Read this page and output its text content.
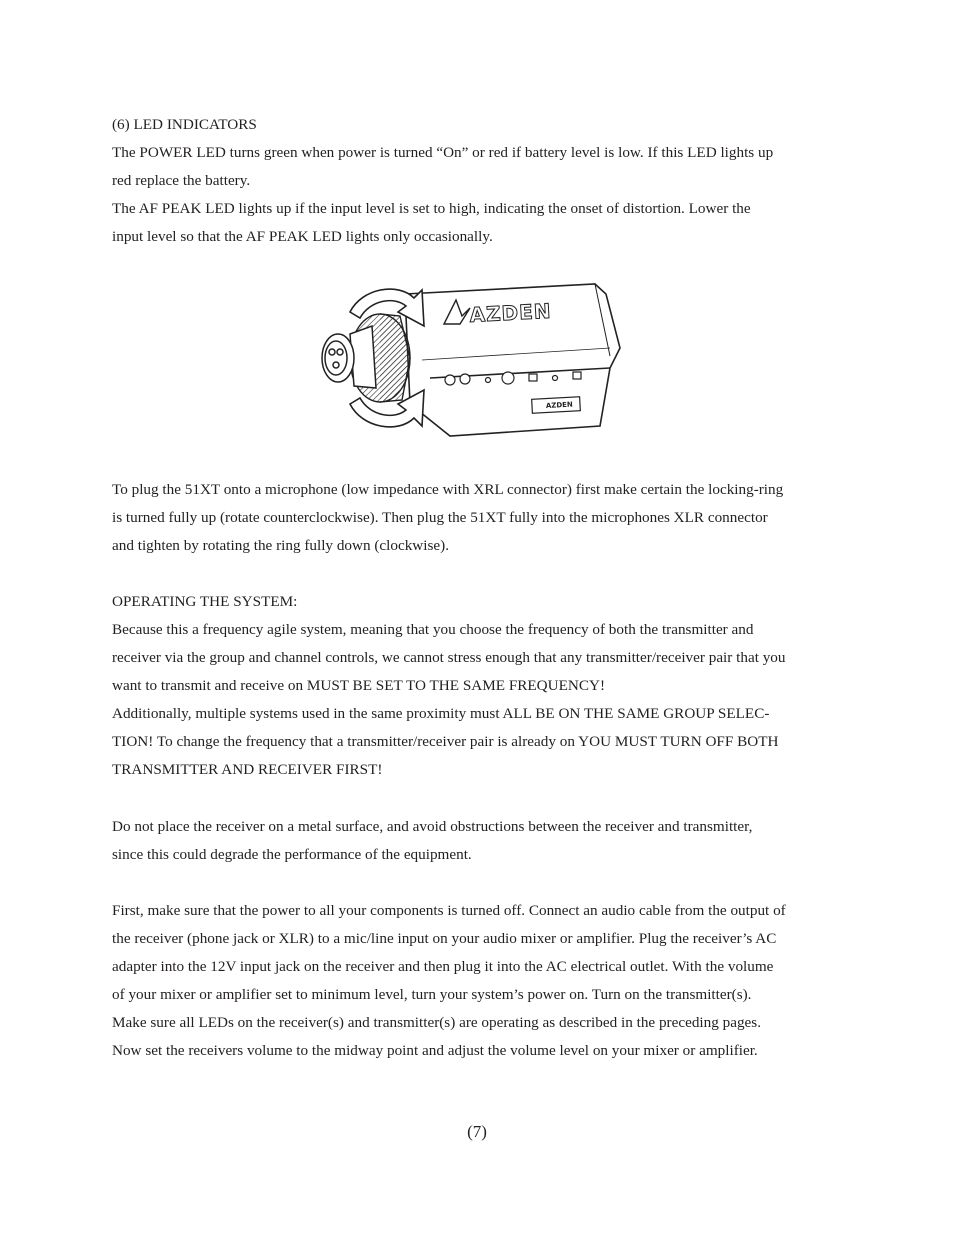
(6) LED INDICATORS
The POWER LED turns green when power is turned “On” or red if battery level is low. If this LED lights up
red replace the battery.
The AF PEAK LED lights up if the input level is set to high, indicating the onset of distortion. Lower the
input level so that the AF PEAK LED lights only occasionally.
AZDEN
AZDEN
To plug the 51XT onto a microphone (low impedance with XRL connector) first make certain the locking-ring
is turned fully up (rotate counterclockwise). Then plug the 51XT fully into the microphones XLR connector
and tighten by rotating the ring fully down (clockwise).
OPERATING THE SYSTEM:
Because this a frequency agile system, meaning that you choose the frequency of both the transmitter and
receiver via the group and channel controls, we cannot stress enough that any transmitter/receiver pair that you
want to transmit and receive on MUST BE SET TO THE SAME FREQUENCY!
Additionally, multiple systems used in the same proximity must ALL BE ON THE SAME GROUP SELEC-
TION! To change the frequency that a transmitter/receiver pair is already on YOU MUST TURN OFF BOTH
TRANSMITTER AND RECEIVER FIRST!
Do not place the receiver on a metal surface, and avoid obstructions between the receiver and transmitter,
since this could degrade the performance of the equipment.
First, make sure that the power to all your components is turned off. Connect an audio cable from the output of
the receiver (phone jack or XLR) to a mic/line input on your audio mixer or amplifier. Plug the receiver’s AC
adapter into the 12V input jack on the receiver and then plug it into the AC electrical outlet. With the volume
of your mixer or amplifier set to minimum level, turn your system’s power on. Turn on the transmitter(s).
Make sure all LEDs on the receiver(s) and transmitter(s) are operating as described in the preceding pages.
Now set the receivers volume to the midway point and adjust the volume level on your mixer or amplifier.
(7)
